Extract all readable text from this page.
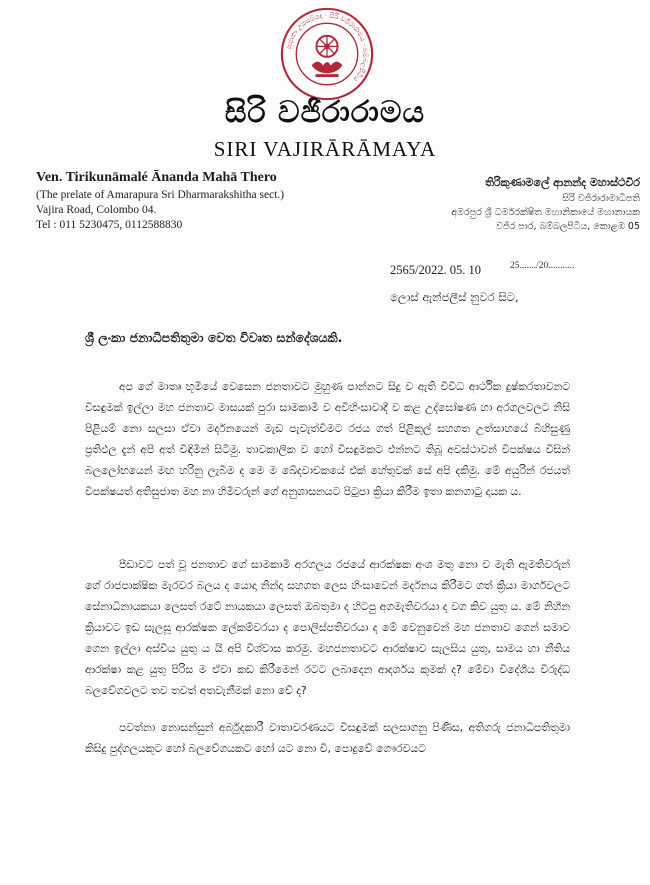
සුජාතා උපසම්පදා · සිරි වජිරාරාමය · බම්බලපිටිය
සිරි වජිරාරාමය
SIRI VAJIRĀRĀMAYA
Ven. Tirikunāmalé Ānanda Mahā Thero
(The prelate of Amarapura Sri Dharmarakshitha sect.)
Vajira Road, Colombo 04.
Tel : 011 5230475, 0112588830
තිරිකුණාමලේ ආනන්ද මහාස්ථවිර
සිරි වජිරාරාමාධිපති
අමරපුර ශ්‍රී ධර්මරක්ෂිත මහානිකායේ මහානායක
වජිර පාර, බම්බලපිටිය, කොළඹ 05
25......./20...........
2565/2022. 05. 10
ලොස් ඇන්ජලීස් නුවර සිට,
ශ්‍රී ලංකා ජනාධිපතිතුමා වෙත විවෘත සන්දේශයකි.
අප ගේ මාතෘ භූමියේ වෙසෙන ජනතාවට මුහුණ පාන්නට සිදු ව ඇති විවිධ ආර්ථික දුෂ්කරතාවනට විසඳුමක් ඉල්ලා මහ ජනතාව මාසයක් පුරා සාමකාමී ව අවිහිංසාවාදී ව කළ උද්ඝෝෂණ හා අරගලවලට නිසි පිළියම් නො සලසා ඒවා මර්දනයෙන් මැඩ පැවැත්වීමට රජය ගත් පිළිකුල් සහගත උත්සාහයේ බිහිසුණු ප්‍රතිඵල දැන් අපි අත් විඳිමින් සිටිමු. තාවකාලික ව හෝ විසඳුමකට එන්නට තිබූ අවස්ථාවන් විපක්ෂය විසින් බලලෝභයෙන් මඟ හරිනු ලැබීම ද මෙ ම ඛේදවාචකයේ එක් හේතුවක් සේ අපි දකිමු. මේ අයුරින් රජයත් විපක්ෂයත් අතිසුජාත මහ නා හිමිවරුන් ගේ අනුශාසනයට පිටුපා ක්‍රියා කිරීම ඉතා කනගාටු දායක ය.
පීඩාවට පත් වූ ජනතාව ගේ සාමකාමී අරගලය රජයේ ආරක්ෂක අංශ මතු නො ව මැති ඇමතිවරුන් ගේ රාජපාක්ෂික මැරවර බලය ද යොදා නින්දා සහගත ලෙස හිංසාවෙන් මර්දනය කිරීමට ගත් ක්‍රියා මාර්ගවලට සේනාධිනායකයා ලෙසත් රටේ නායකයා ලෙසත් ඔබතුමා ද හිටපු අගමැතිවරයා ද වග කිව යුතු ය. මේ නිහීන ක්‍රියාවට ඉඩ සැලසූ ආරක්ෂක ලේකම්වරයා ද පොලිස්පතිවරයා ද මේ වෙනුවෙන් මහ ජනතාව ගෙන් සමාව ගෙන ඉල්ලා අස්විය යුතු ය යි අපි විශ්වාස කරමු. මහජනතාවට ආරක්ෂාව සැලසිය යුතු, සාමය හා නීතිය ආරක්ෂා කළ යුතු පිරිස ම ඒවා කඩ කිරීමෙන් රටට ලබාදෙන ආදර්ශය කුමක් ද? මේවා විදේශීය විරුද්ධ බලවේගවලට තව තවත් අතවැනීමක් නො වේ ද?
පවත්නා නොසන්සුන් අර්බුදකාරී වාතාවරණයට විසඳුමක් සලසාගනු පිණිස, අතිගරු ජනාධිපතිතුමා කිසිදු පුද්ගලයකුට හෝ බලවේගයකට හෝ යට නො වී, පොදුවේ ගෞරවයට
